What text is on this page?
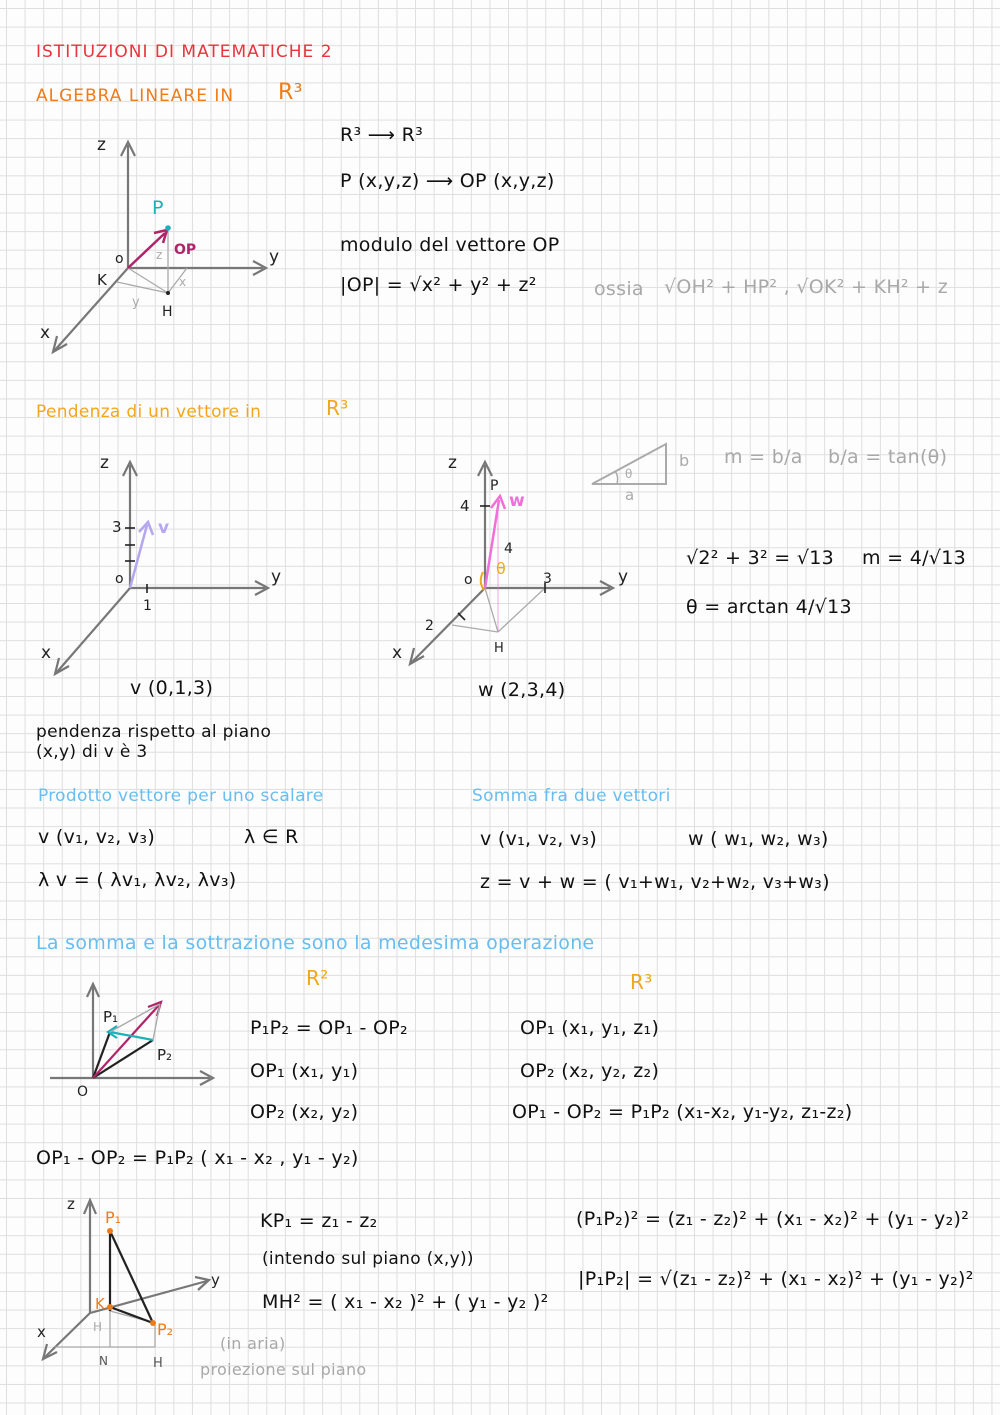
ISTITUZIONI DI MATEMATICHE 2
ALGEBRA LINEARE IN R³
z
y
x
o
K
H
P
OP
z
y
x
R³ ⟶ R³
P (x,y,z) ⟶ OP (x,y,z)
modulo del vettore OP
|OP| = √x² + y² + z²	ossia √OH² + HP² , √OK² + KH² + z
Pendenza di un vettore in	R³
z
y
x
o
3
1
v
v (0,1,3)
z
y
x
o
4
4
3
2
P
w
H
θ
w (2,3,4)
θ
b
a
m = b/a b/a = tan(θ)
√2² + 3² = √13 m = 4/√13
θ = arctan 4/√13
pendenza rispetto al piano
(x,y) di v è 3
Prodotto vettore per uno scalare
v (v₁, v₂, v₃)	λ ∈ R
λ v = ( λv₁, λv₂, λv₃)
Somma fra due vettori
v (v₁, v₂, v₃)	w ( w₁, w₂, w₃)
z = v + w = ( v₁+w₁, v₂+w₂, v₃+w₃)
La somma e la sottrazione sono la medesima operazione
R²	R³
O
P₁
P₂
P₁P₂ = OP₁ - OP₂
OP₁ (x₁, y₁)
OP₂ (x₂, y₂)
OP₁ (x₁, y₁, z₁)
OP₂ (x₂, y₂, z₂)
OP₁ - OP₂ = P₁P₂ (x₁-x₂, y₁-y₂, z₁-z₂)
OP₁ - OP₂ = P₁P₂ ( x₁ - x₂ , y₁ - y₂)
z
y
x
P₁
K
P₂
H
N	H
KP₁ = z₁ - z₂
(intendo sul piano (x,y))
MH² = ( x₁ - x₂ )² + ( y₁ - y₂ )²
(in aria)
proiezione sul piano
(P₁P₂)² = (z₁ - z₂)² + (x₁ - x₂)² + (y₁ - y₂)²
|P₁P₂| = √(z₁ - z₂)² + (x₁ - x₂)² + (y₁ - y₂)²
